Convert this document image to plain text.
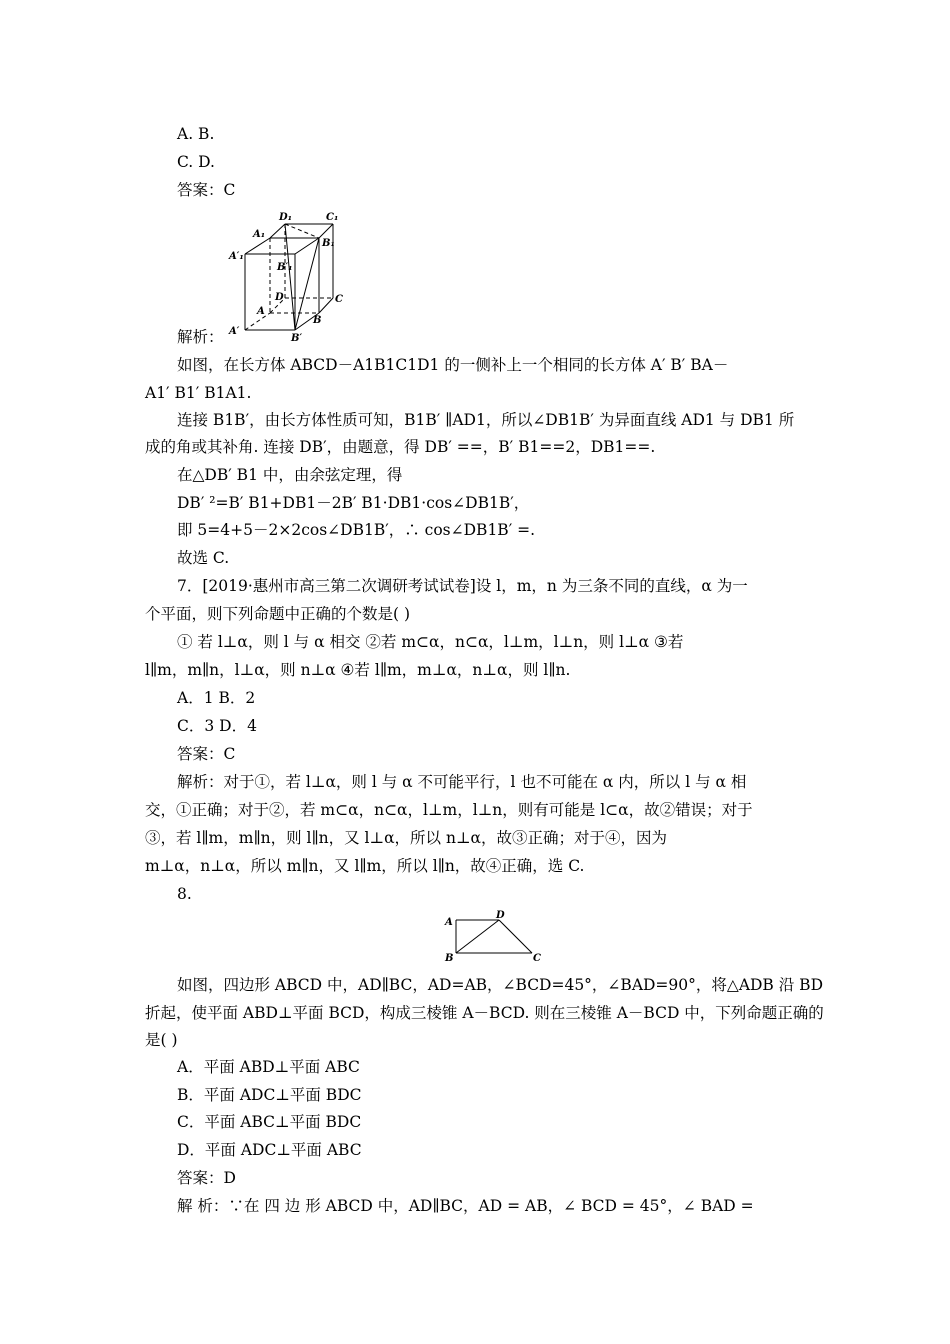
A. B.
C. D.
答案：C
D₁	C₁
A₁
B₁
A′₁
B′₁
D	C
A
B
A′
B′
解析：
如图，在长方体 ABCD－A1B1C1D1 的一侧补上一个相同的长方体 A′ B′ BA－
A1′ B1′ B1A1.
连接 B1B′，由长方体性质可知，B1B′ ∥AD1，所以∠DB1B′ 为异面直线 AD1 与 DB1 所
成的角或其补角. 连接 DB′，由题意，得 DB′ ==，B′ B1==2，DB1==.
在△DB′ B1 中，由余弦定理，得
DB′ ²=B′ B1+DB1－2B′ B1·DB1·cos∠DB1B′，
即 5=4+5－2×2cos∠DB1B′，∴ cos∠DB1B′ =.
故选 C.
7．[2019·惠州市高三第二次调研考试试卷]设 l，m，n 为三条不同的直线，α 为一
个平面，则下列命题中正确的个数是( )
① 若 l⊥α，则 l 与 α 相交 ②若 m⊂α，n⊂α，l⊥m，l⊥n，则 l⊥α ③若
l∥m，m∥n，l⊥α，则 n⊥α ④若 l∥m，m⊥α，n⊥α，则 l∥n.
A．1 B．2
C．3 D．4
答案：C
解析：对于①，若 l⊥α，则 l 与 α 不可能平行，l 也不可能在 α 内，所以 l 与 α 相
交，①正确；对于②，若 m⊂α，n⊂α，l⊥m，l⊥n，则有可能是 l⊂α，故②错误；对于
③，若 l∥m，m∥n，则 l∥n，又 l⊥α，所以 n⊥α，故③正确；对于④，因为
m⊥α，n⊥α，所以 m∥n，又 l∥m，所以 l∥n，故④正确，选 C.
8.
A
D
B	C
如图，四边形 ABCD 中，AD∥BC，AD=AB，∠BCD=45°，∠BAD=90°，将△ADB 沿 BD
折起，使平面 ABD⊥平面 BCD，构成三棱锥 A－BCD. 则在三棱锥 A－BCD 中，下列命题正确的
是( )
A．平面 ABD⊥平面 ABC
B．平面 ADC⊥平面 BDC
C．平面 ABC⊥平面 BDC
D．平面 ADC⊥平面 ABC
答案：D
解 析：∵在 四 边 形 ABCD 中，AD∥BC，AD = AB，∠ BCD = 45°，∠ BAD =
